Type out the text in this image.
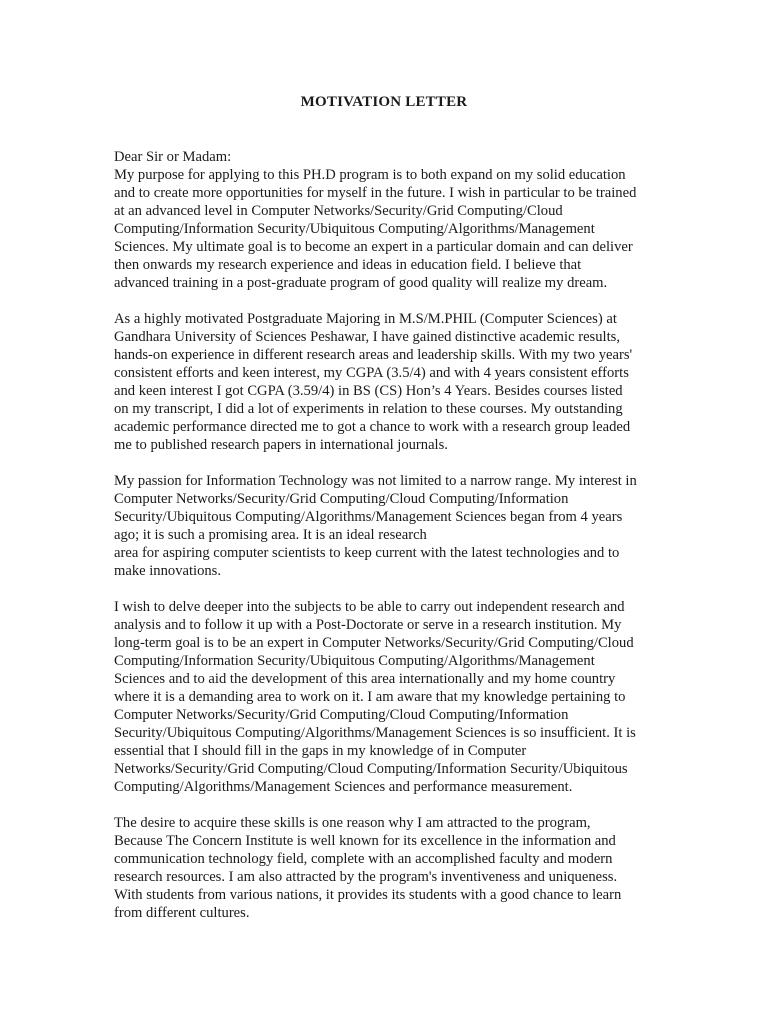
MOTIVATION LETTER
Dear Sir or Madam:
My purpose for applying to this PH.D program is to both expand on my solid education
and to create more opportunities for myself in the future. I wish in particular to be trained
at an advanced level in Computer Networks/Security/Grid Computing/Cloud
Computing/Information Security/Ubiquitous Computing/Algorithms/Management
Sciences. My ultimate goal is to become an expert in a particular domain and can deliver
then onwards my research experience and ideas in education field. I believe that
advanced training in a post-graduate program of good quality will realize my dream.
As a highly motivated Postgraduate Majoring in M.S/M.PHIL (Computer Sciences) at
Gandhara University of Sciences Peshawar, I have gained distinctive academic results,
hands-on experience in different research areas and leadership skills. With my two years'
consistent efforts and keen interest, my CGPA (3.5/4) and with 4 years consistent efforts
and keen interest I got CGPA (3.59/4) in BS (CS) Hon’s 4 Years. Besides courses listed
on my transcript, I did a lot of experiments in relation to these courses. My outstanding
academic performance directed me to got a chance to work with a research group leaded
me to published research papers in international journals.
My passion for Information Technology was not limited to a narrow range. My interest in
Computer Networks/Security/Grid Computing/Cloud Computing/Information
Security/Ubiquitous Computing/Algorithms/Management Sciences began from 4 years
ago; it is such a promising area. It is an ideal research
area for aspiring computer scientists to keep current with the latest technologies and to
make innovations.
I wish to delve deeper into the subjects to be able to carry out independent research and
analysis and to follow it up with a Post-Doctorate or serve in a research institution. My
long-term goal is to be an expert in Computer Networks/Security/Grid Computing/Cloud
Computing/Information Security/Ubiquitous Computing/Algorithms/Management
Sciences and to aid the development of this area internationally and my home country
where it is a demanding area to work on it. I am aware that my knowledge pertaining to
Computer Networks/Security/Grid Computing/Cloud Computing/Information
Security/Ubiquitous Computing/Algorithms/Management Sciences is so insufficient. It is
essential that I should fill in the gaps in my knowledge of in Computer
Networks/Security/Grid Computing/Cloud Computing/Information Security/Ubiquitous
Computing/Algorithms/Management Sciences and performance measurement.
The desire to acquire these skills is one reason why I am attracted to the program,
Because The Concern Institute is well known for its excellence in the information and
communication technology field, complete with an accomplished faculty and modern
research resources. I am also attracted by the program's inventiveness and uniqueness.
With students from various nations, it provides its students with a good chance to learn
from different cultures.
